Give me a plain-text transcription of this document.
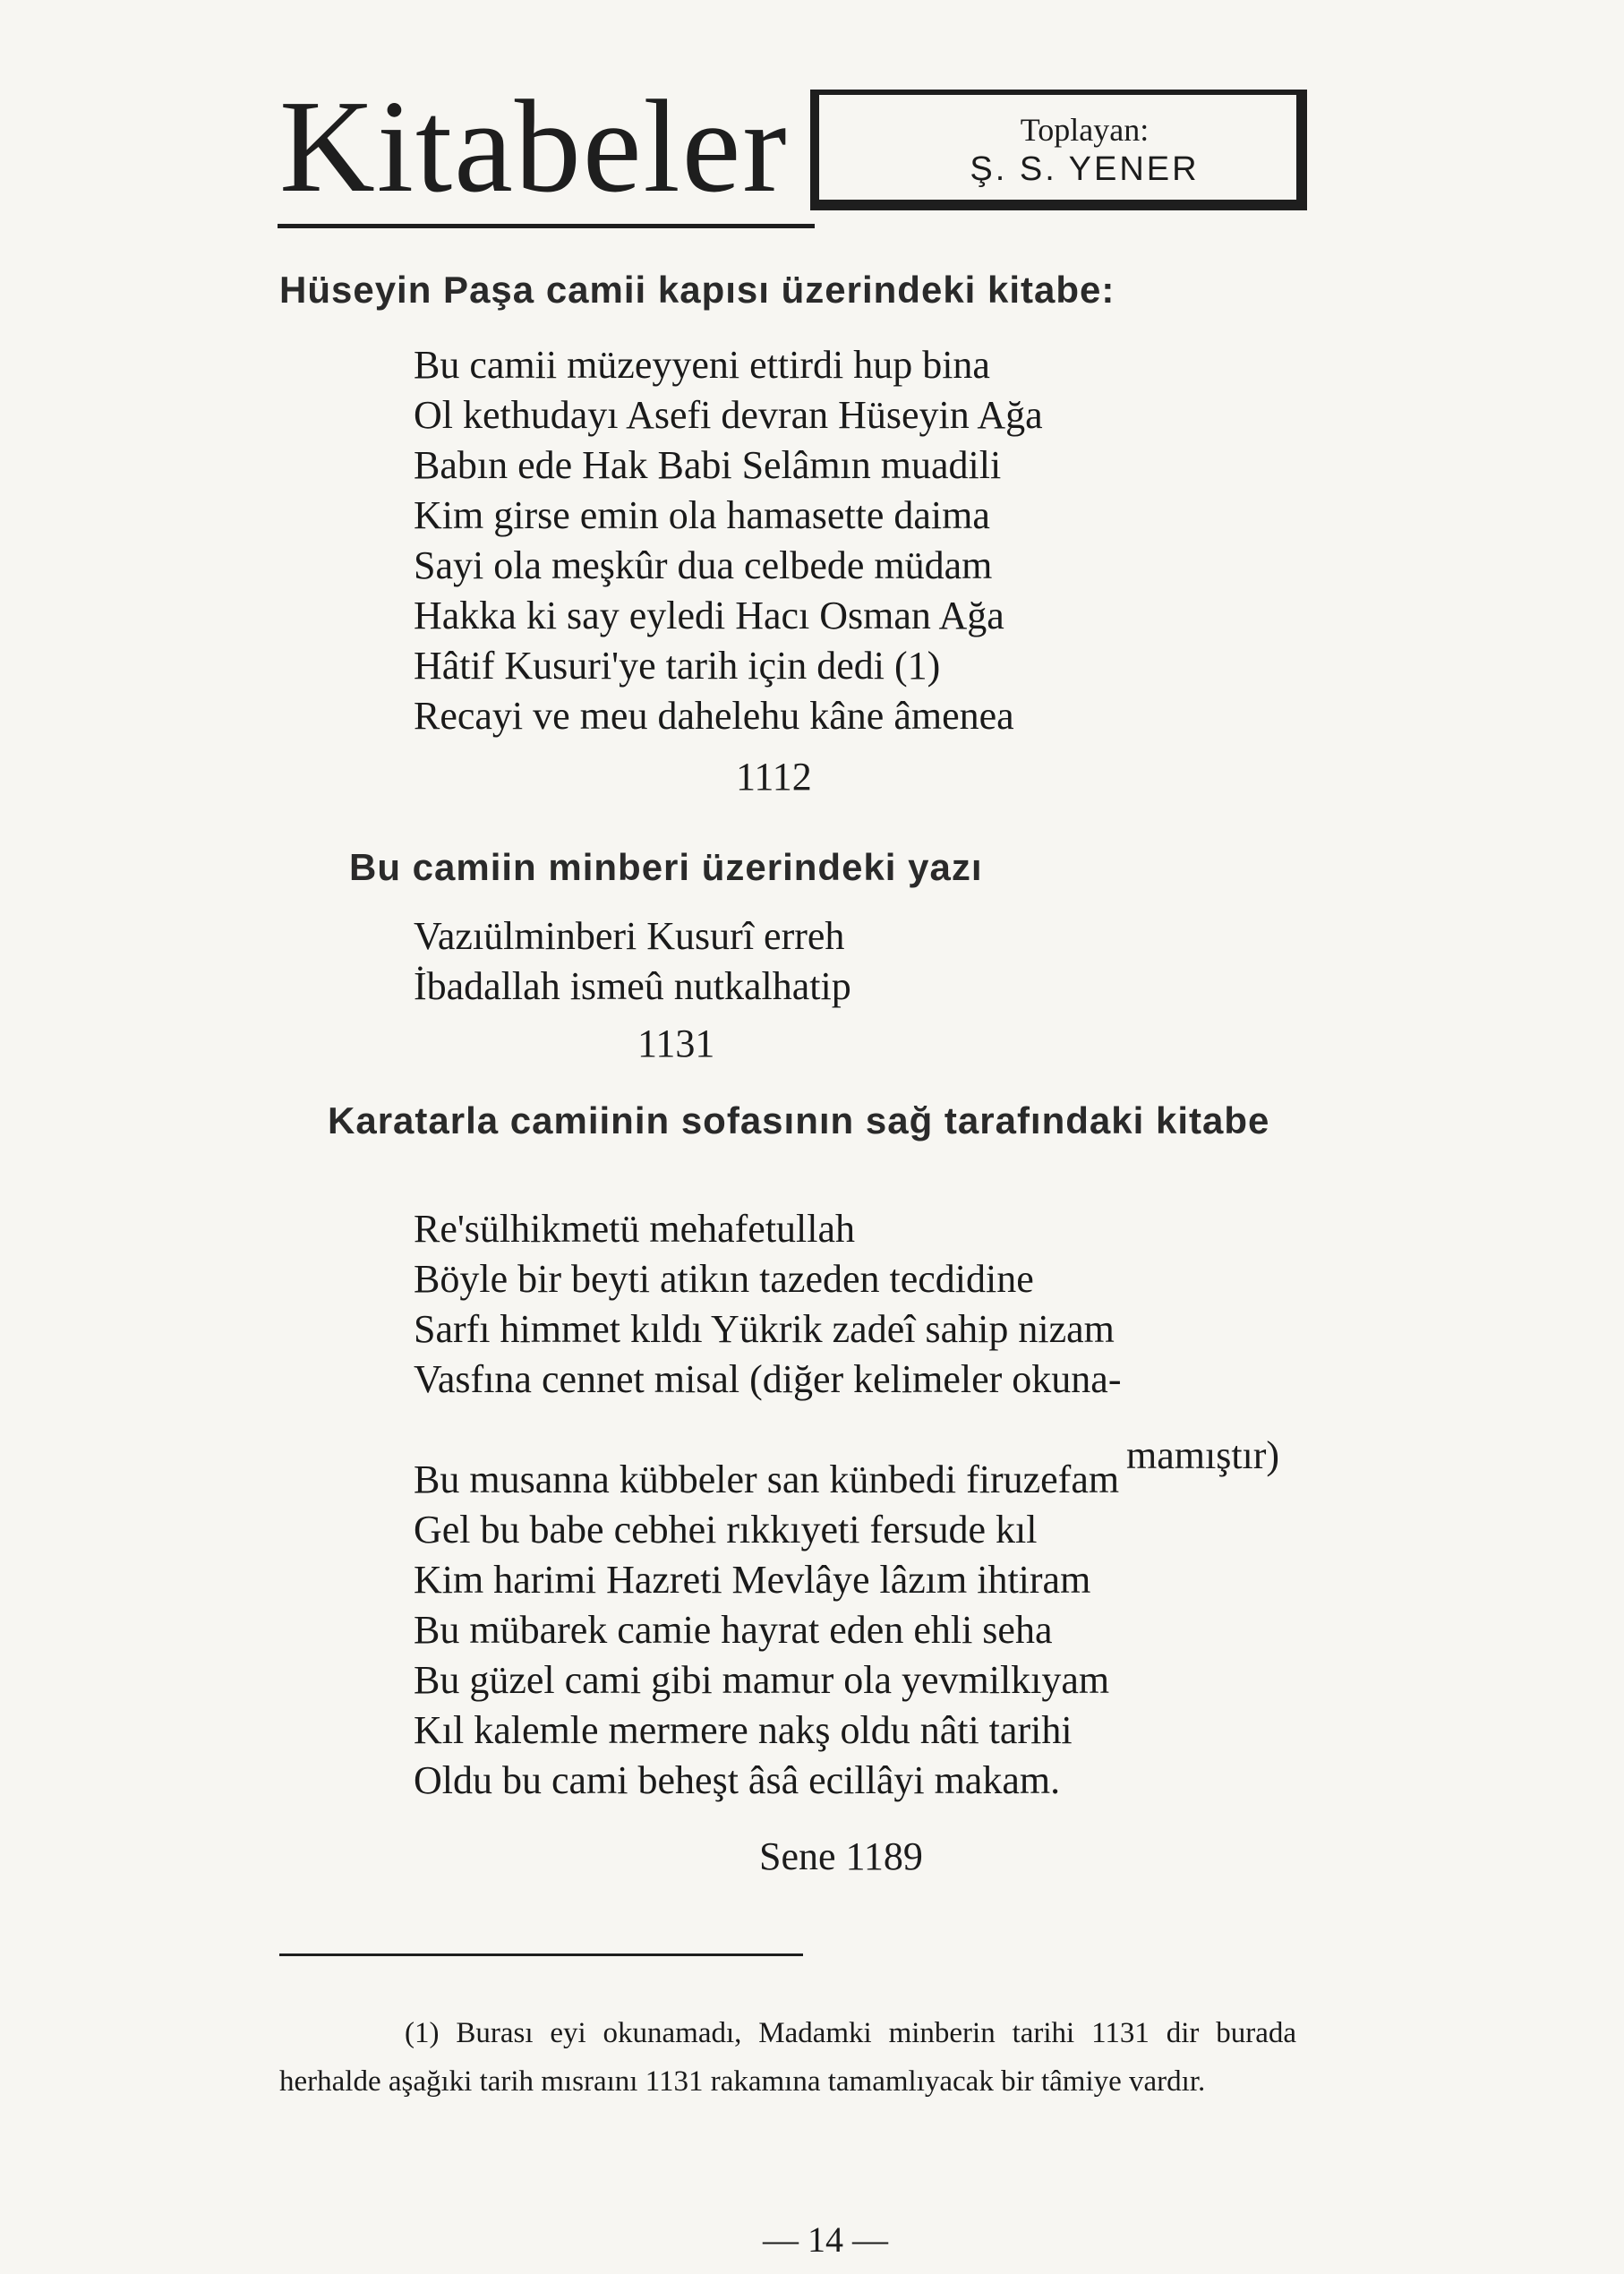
Kitabeler	Toplayan:
Ş. S. YENER
Hüseyin Paşa camii kapısı üzerindeki kitabe:
Bu camii müzeyyeni ettirdi hup bina
Ol kethudayı Asefi devran Hüseyin Ağa
Babın ede Hak Babi Selâmın muadili
Kim girse emin ola hamasette daima
Sayi ola meşkûr dua celbede müdam
Hakka ki say eyledi Hacı Osman Ağa
Hâtif Kusuri'ye tarih için dedi (1)
Recayi ve meu dahelehu kâne âmenea
1112
Bu camiin minberi üzerindeki yazı
Vazıülminberi Kusurî erreh
İbadallah ismeû nutkalhatip
1131
Karatarla camiinin sofasının sağ tarafındaki kitabe
Re'sülhikmetü mehafetullah
Böyle bir beyti atikın tazeden tecdidine
Sarfı himmet kıldı Yükrik zadeî sahip nizam
Vasfına cennet misal (diğer kelimeler okuna-
Bu musanna kübbeler san künbedi firuzefam
Gel bu babe cebhei rıkkıyeti fersude kıl
Kim harimi Hazreti Mevlâye lâzım ihtiram
Bu mübarek camie hayrat eden ehli seha
Bu güzel cami gibi mamur ola yevmilkıyam
Kıl kalemle mermere nakş oldu nâti tarihi
Oldu bu cami beheşt âsâ ecillâyi makam.
mamıştır)
Sene 1189
(1) Burası eyi okunamadı, Madamki minberin tarihi 1131 dir burada herhalde aşağıki tarih mısraını 1131 rakamına tamamlıyacak bir tâmiye vardır.
— 14 —
